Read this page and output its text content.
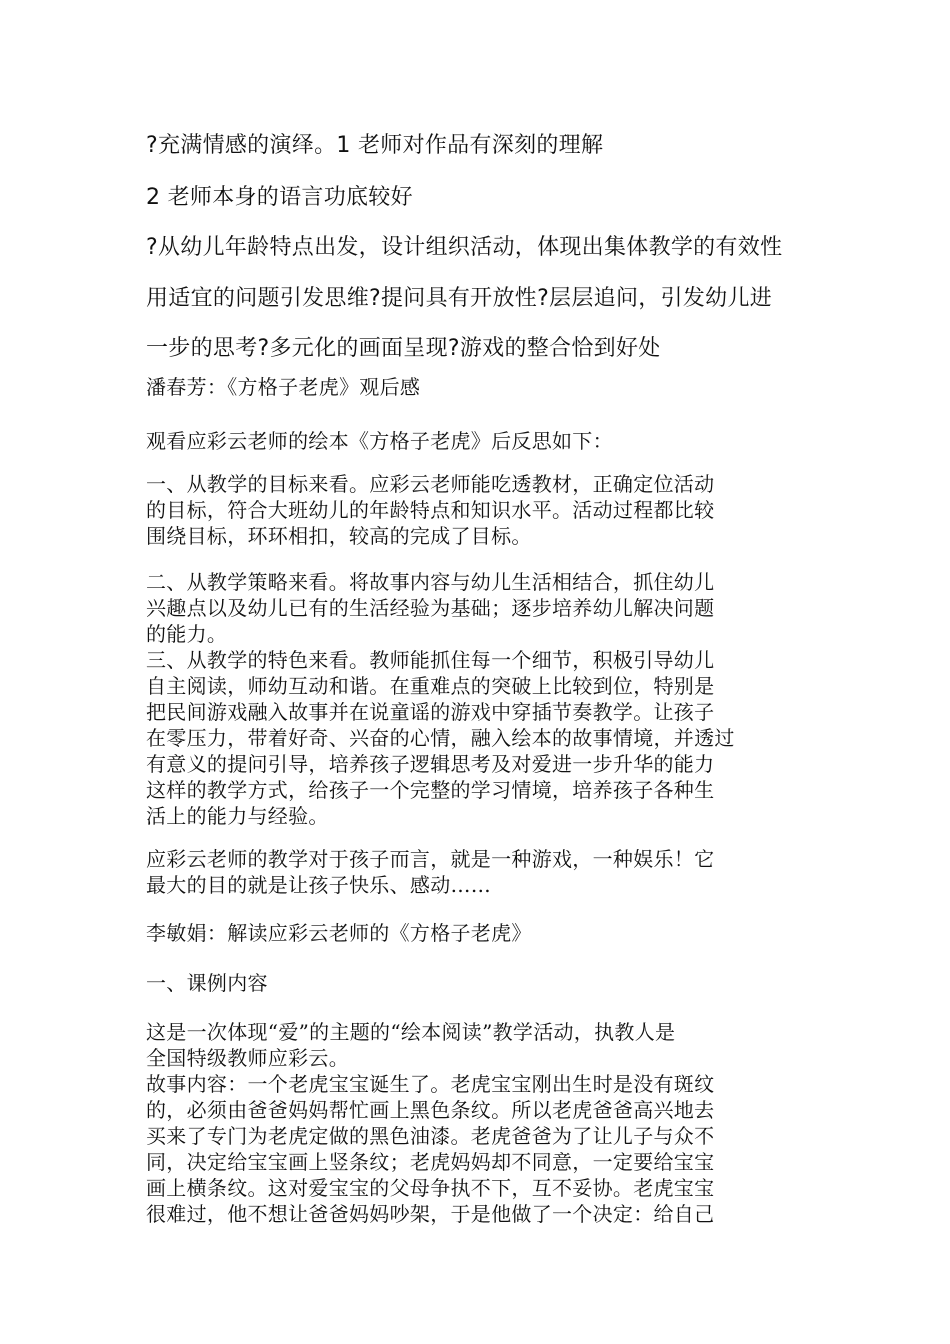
?充满情感的演绎。1 老师对作品有深刻的理解

2 老师本身的语言功底较好

?从幼儿年龄特点出发，设计组织活动，体现出集体教学的有效性

用适宜的问题引发思维?提问具有开放性?层层追问，引发幼儿进

一步的思考?多元化的画面呈现?游戏的整合恰到好处

潘春芳：《方格子老虎》观后感

观看应彩云老师的绘本《方格子老虎》后反思如下：

一、从教学的目标来看。应彩云老师能吃透教材，正确定位活动
的目标，符合大班幼儿的年龄特点和知识水平。活动过程都比较
围绕目标，环环相扣，较高的完成了目标。
二、从教学策略来看。将故事内容与幼儿生活相结合，抓住幼儿
兴趣点以及幼儿已有的生活经验为基础；逐步培养幼儿解决问题
的能力。
三、从教学的特色来看。教师能抓住每一个细节，积极引导幼儿
自主阅读，师幼互动和谐。在重难点的突破上比较到位，特别是
把民间游戏融入故事并在说童谣的游戏中穿插节奏教学。让孩子
在零压力，带着好奇、兴奋的心情，融入绘本的故事情境，并透过
有意义的提问引导，培养孩子逻辑思考及对爱进一步升华的能力
这样的教学方式，给孩子一个完整的学习情境，培养孩子各种生
活上的能力与经验。
应彩云老师的教学对于孩子而言，就是一种游戏，一种娱乐！它
最大的目的就是让孩子快乐、感动……

李敏娟：解读应彩云老师的《方格子老虎》

一、课例内容

这是一次体现“爱”的主题的“绘本阅读”教学活动，执教人是
全国特级教师应彩云。
故事内容：一个老虎宝宝诞生了。老虎宝宝刚出生时是没有斑纹
的，必须由爸爸妈妈帮忙画上黑色条纹。所以老虎爸爸高兴地去
买来了专门为老虎定做的黑色油漆。老虎爸爸为了让儿子与众不
同，决定给宝宝画上竖条纹；老虎妈妈却不同意，一定要给宝宝
画上横条纹。这对爱宝宝的父母争执不下，互不妥协。老虎宝宝
很难过，他不想让爸爸妈妈吵架，于是他做了一个决定：给自己
